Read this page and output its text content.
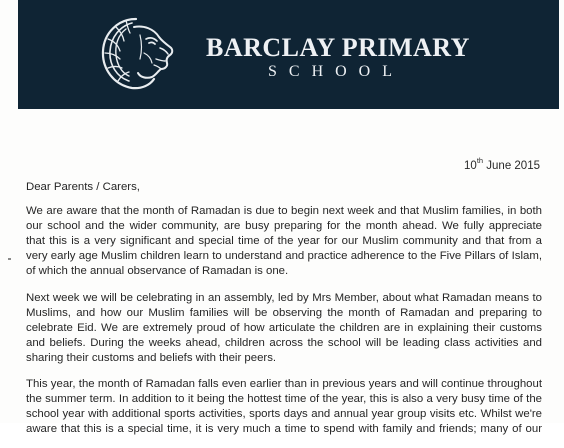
BARCLAY PRIMARY
SCHOOL
10th June 2015
Dear Parents / Carers,
We are aware that the month of Ramadan is due to begin next week and that Muslim families, in both
our school and the wider community, are busy preparing for the month ahead. We fully appreciate
that this is a very significant and special time of the year for our Muslim community and that from a
very early age Muslim children learn to understand and practice adherence to the Five Pillars of Islam,
of which the annual observance of Ramadan is one.
Next week we will be celebrating in an assembly, led by Mrs Member, about what Ramadan means to
Muslims, and how our Muslim families will be observing the month of Ramadan and preparing to
celebrate Eid. We are extremely proud of how articulate the children are in explaining their customs
and beliefs. During the weeks ahead, children across the school will be leading class activities and
sharing their customs and beliefs with their peers.
This year, the month of Ramadan falls even earlier than in previous years and will continue throughout
the summer term. In addition to it being the hottest time of the year, this is also a very busy time of the
school year with additional sports activities, sports days and annual year group visits etc. Whilst we're
aware that this is a special time, it is very much a time to spend with family and friends; many of our
